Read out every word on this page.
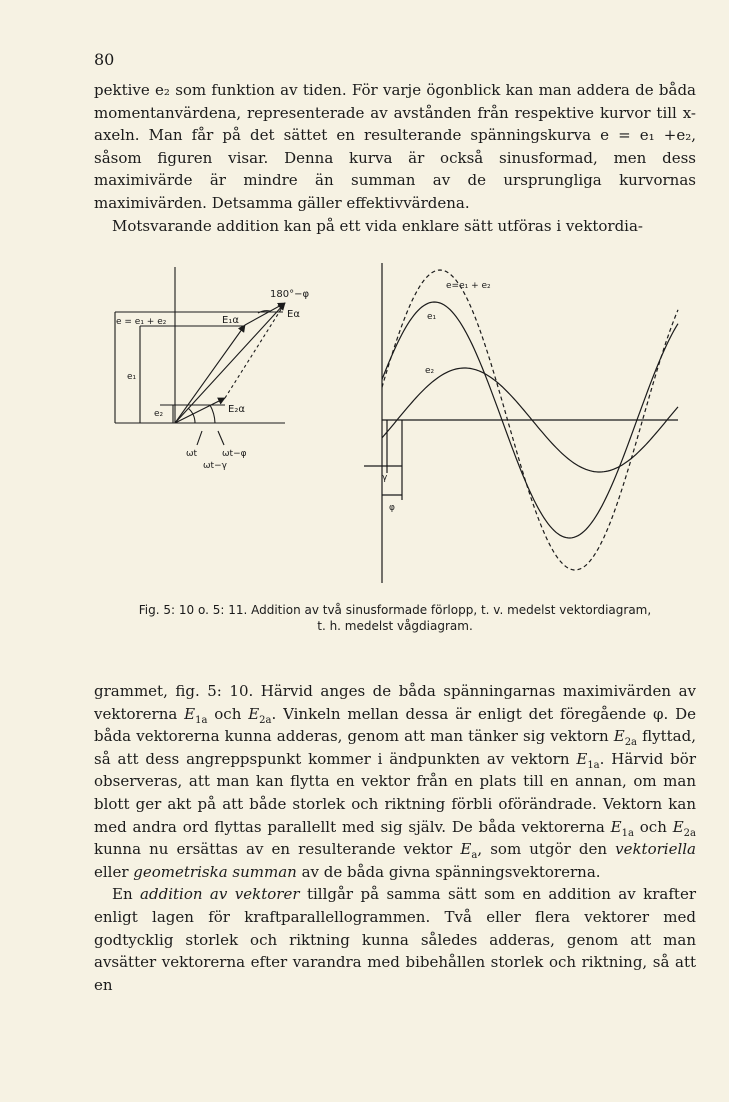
80

pektive e₂ som funktion av tiden. För varje ögonblick kan man addera de båda momentanvärdena, representerade av avstånden från respektive kurvor till x-axeln. Man får på det sättet en resulterande spänningskurva e = e₁ +e₂, såsom figuren visar. Denna kurva är också sinusformad, men dess maximivärde är mindre än summan av de ursprungliga kurvornas maximivärden. Detsamma gäller effektivvärdena.

Motsvarande addition kan på ett vida enklare sätt utföras i vektordia-

180°−φ
e = e₁ + e₂
e₁
e₂
E₁α
Eα
E₂α
ωt	ωt−φ
ωt−γ
e=e₁ + e₂
e₁
e₂
γ
φ
Fig. 5: 10 o. 5: 11. Addition av två sinusformade förlopp, t. v. medelst vektordiagram,
t. h. medelst vågdiagram.

grammet, fig. 5: 10. Härvid anges de båda spänningarnas maximivärden av vektorerna $E_{1a}$ och $E_{2a}$. Vinkeln mellan dessa är enligt det föregående φ. De båda vektorerna kunna adderas, genom att man tänker sig vektorn $E_{2a}$ flyttad, så att dess angreppspunkt kommer i ändpunkten av vektorn $E_{1a}$. Härvid bör observeras, att man kan flytta en vektor från en plats till en annan, om man blott ger akt på att både storlek och riktning förbli oförändrade. Vektorn kan med andra ord flyttas parallellt med sig själv. De båda vektorerna $E_{1a}$ och $E_{2a}$ kunna nu ersättas av en resulterande vektor $E_a$, som utgör den vektoriella eller geometriska summan av de båda givna spänningsvektorerna.

En addition av vektorer tillgår på samma sätt som en addition av krafter enligt lagen för kraftparallellogrammen. Två eller flera vektorer med godtycklig storlek och riktning kunna således adderas, genom att man avsätter vektorerna efter varandra med bibehållen storlek och riktning, så att en
